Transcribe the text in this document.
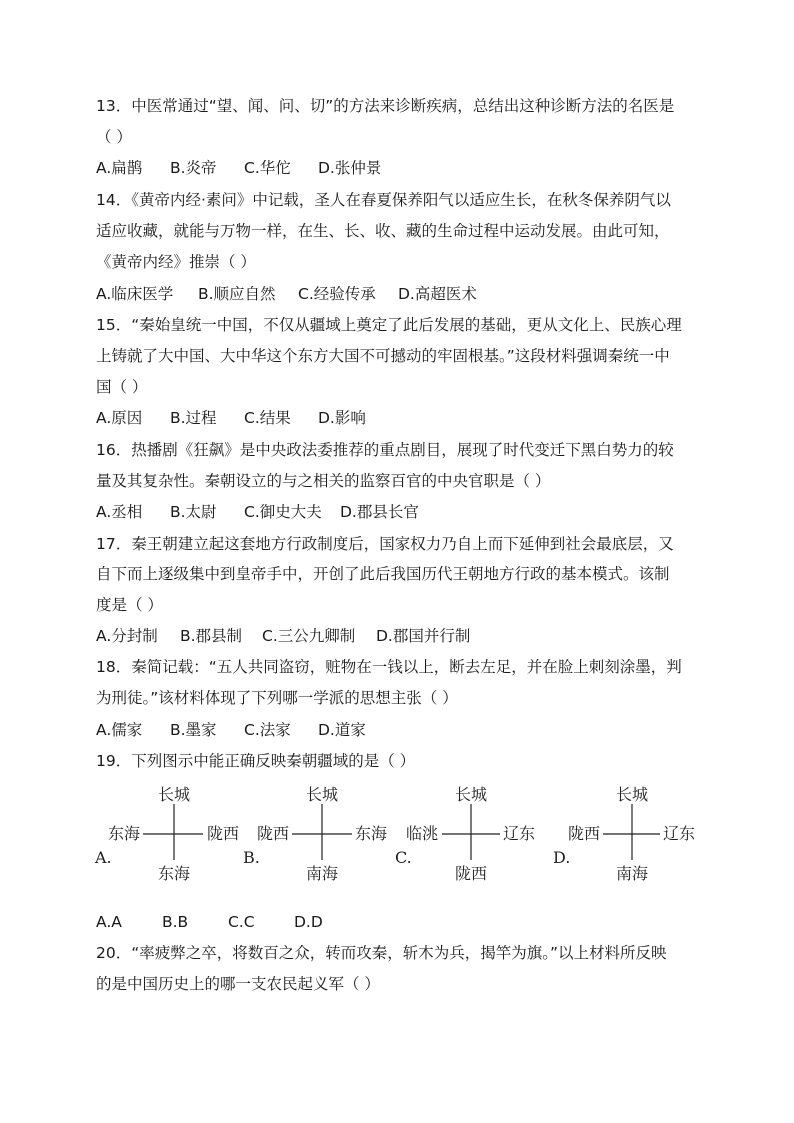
13．中医常通过“望、闻、问、切”的方法来诊断疾病，总结出这种诊断方法的名医是
（ ）
A.扁鹊 B.炎帝 C.华佗 D.张仲景
14．《黄帝内经·素问》中记载，圣人在春夏保养阳气以适应生长，在秋冬保养阴气以
适应收藏，就能与万物一样，在生、长、收、藏的生命过程中运动发展。由此可知，
《黄帝内经》推崇（ ）
A.临床医学 B.顺应自然 C.经验传承 D.高超医术
15．“秦始皇统一中国，不仅从疆域上奠定了此后发展的基础，更从文化上、民族心理
上铸就了大中国、大中华这个东方大国不可撼动的牢固根基。”这段材料强调秦统一中
国（ ）
A.原因 B.过程 C.结果 D.影响
16．热播剧《狂飙》是中央政法委推荐的重点剧目，展现了时代变迁下黑白势力的较
量及其复杂性。秦朝设立的与之相关的监察百官的中央官职是（ ）
A.丞相 B.太尉 C.御史大夫 D.郡县长官
17．秦王朝建立起这套地方行政制度后，国家权力乃自上而下延伸到社会最底层，又
自下而上逐级集中到皇帝手中，开创了此后我国历代王朝地方行政的基本模式。该制
度是（ ）
A.分封制 B.郡县制 C.三公九卿制 D.郡国并行制
18．秦简记载：“五人共同盗窃，赃物在一钱以上，断去左足，并在脸上刺刻涂墨，判
为刑徒。”该材料体现了下列哪一学派的思想主张（ ）
A.儒家 B.墨家 C.法家 D.道家
19．下列图示中能正确反映秦朝疆域的是（ ）
A.
长城
东海	陇西
东海
B.
长城
陇西	东海
南海
C.
长城
临洮	辽东
陇西
D.
长城
陇西	辽东
南海
A.A	B.B	C.C	D.D
20．“率疲弊之卒，将数百之众，转而攻秦，斩木为兵，揭竿为旗。”以上材料所反映
的是中国历史上的哪一支农民起义军（ ）
